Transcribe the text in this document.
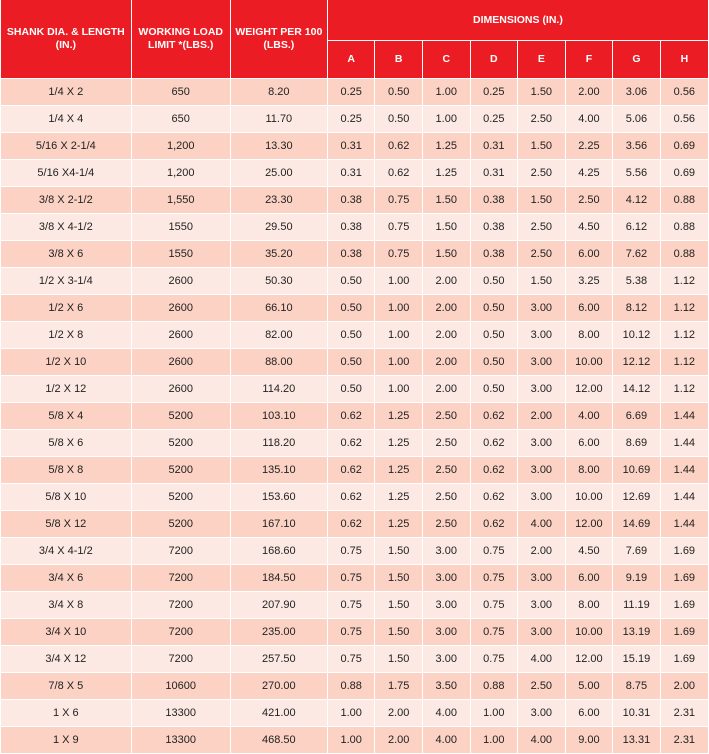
SHANK DIA. & LENGTH (IN.)	WORKING LOAD LIMIT *(LBS.)	WEIGHT PER 100 (LBS.)	DIMENSIONS (IN.)							
			A	B	C	D	E	F	G	H
1/4 X 2	650	8.20	0.25	0.50	1.00	0.25	1.50	2.00	3.06	0.56
1/4 X 4	650	11.70	0.25	0.50	1.00	0.25	2.50	4.00	5.06	0.56
5/16 X 2-1/4	1,200	13.30	0.31	0.62	1.25	0.31	1.50	2.25	3.56	0.69
5/16 X4-1/4	1,200	25.00	0.31	0.62	1.25	0.31	2.50	4.25	5.56	0.69
3/8 X 2-1/2	1,550	23.30	0.38	0.75	1.50	0.38	1.50	2.50	4.12	0.88
3/8 X 4-1/2	1550	29.50	0.38	0.75	1.50	0.38	2.50	4.50	6.12	0.88
3/8 X 6	1550	35.20	0.38	0.75	1.50	0.38	2.50	6.00	7.62	0.88
1/2 X 3-1/4	2600	50.30	0.50	1.00	2.00	0.50	1.50	3.25	5.38	1.12
1/2 X 6	2600	66.10	0.50	1.00	2.00	0.50	3.00	6.00	8.12	1.12
1/2 X 8	2600	82.00	0.50	1.00	2.00	0.50	3.00	8.00	10.12	1.12
1/2 X 10	2600	88.00	0.50	1.00	2.00	0.50	3.00	10.00	12.12	1.12
1/2 X 12	2600	114.20	0.50	1.00	2.00	0.50	3.00	12.00	14.12	1.12
5/8 X 4	5200	103.10	0.62	1.25	2.50	0.62	2.00	4.00	6.69	1.44
5/8 X 6	5200	118.20	0.62	1.25	2.50	0.62	3.00	6.00	8.69	1.44
5/8 X 8	5200	135.10	0.62	1.25	2.50	0.62	3.00	8.00	10.69	1.44
5/8 X 10	5200	153.60	0.62	1.25	2.50	0.62	3.00	10.00	12.69	1.44
5/8 X 12	5200	167.10	0.62	1.25	2.50	0.62	4.00	12.00	14.69	1.44
3/4 X 4-1/2	7200	168.60	0.75	1.50	3.00	0.75	2.00	4.50	7.69	1.69
3/4 X 6	7200	184.50	0.75	1.50	3.00	0.75	3.00	6.00	9.19	1.69
3/4 X 8	7200	207.90	0.75	1.50	3.00	0.75	3.00	8.00	11.19	1.69
3/4 X 10	7200	235.00	0.75	1.50	3.00	0.75	3.00	10.00	13.19	1.69
3/4 X 12	7200	257.50	0.75	1.50	3.00	0.75	4.00	12.00	15.19	1.69
7/8 X 5	10600	270.00	0.88	1.75	3.50	0.88	2.50	5.00	8.75	2.00
1 X 6	13300	421.00	1.00	2.00	4.00	1.00	3.00	6.00	10.31	2.31
1 X 9	13300	468.50	1.00	2.00	4.00	1.00	4.00	9.00	13.31	2.31
